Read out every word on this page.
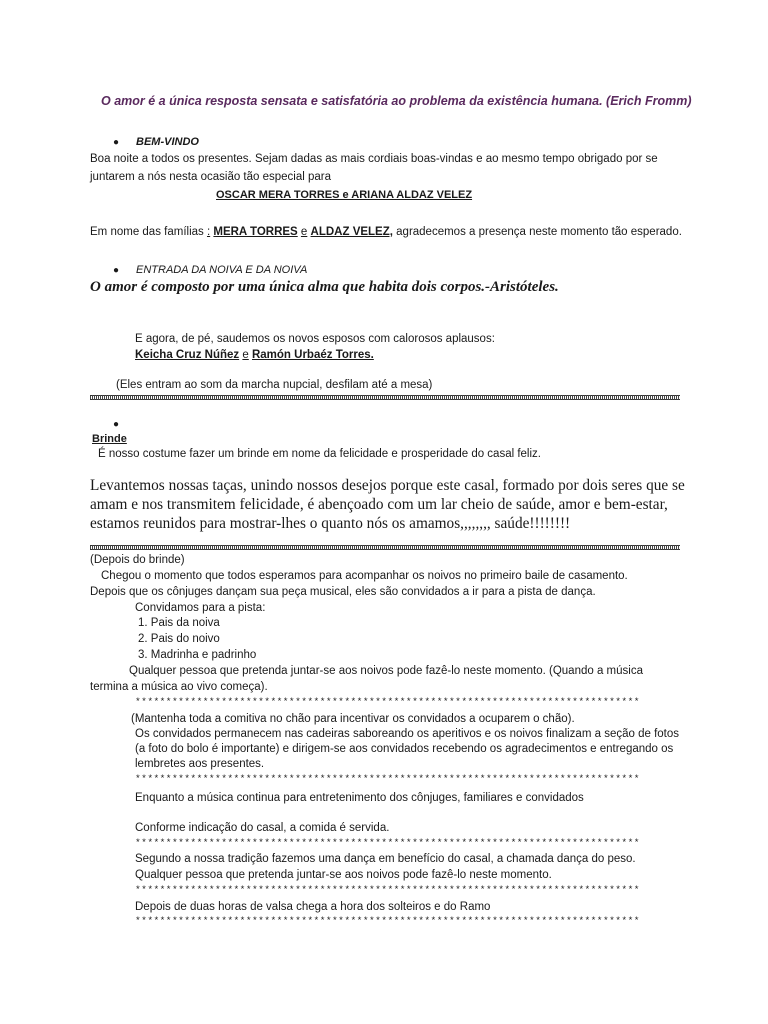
O amor é a única resposta sensata e satisfatória ao problema da existência humana. (Erich Fromm)
● BEM-VINDO
Boa noite a todos os presentes. Sejam dadas as mais cordiais boas-vindas e ao mesmo tempo obrigado por se
juntarem a nós nesta ocasião tão especial para
OSCAR MERA TORRES e ARIANA ALDAZ VELEZ
Em nome das famílias : MERA TORRES e ALDAZ VELEZ, agradecemos a presença neste momento tão esperado.
● ENTRADA DA NOIVA E DA NOIVA
O amor é composto por uma única alma que habita dois corpos.-Aristóteles.
E agora, de pé, saudemos os novos esposos com calorosos aplausos:
Keicha Cruz Núñez e Ramón Urbaéz Torres.
(Eles entram ao som da marcha nupcial, desfilam até a mesa)
●
Brinde
É nosso costume fazer um brinde em nome da felicidade e prosperidade do casal feliz.
Levantemos nossas taças, unindo nossos desejos porque este casal, formado por dois seres que se
amam e nos transmitem felicidade, é abençoado com um lar cheio de saúde, amor e bem-estar,
estamos reunidos para mostrar-lhes o quanto nós os amamos,,,,,,,, saúde!!!!!!!!
(Depois do brinde)
Chegou o momento que todos esperamos para acompanhar os noivos no primeiro baile de casamento.
Depois que os cônjuges dançam sua peça musical, eles são convidados a ir para a pista de dança.
Convidamos para a pista:
1. Pais da noiva
2. Pais do noivo
3. Madrinha e padrinho
Qualquer pessoa que pretenda juntar-se aos noivos pode fazê-lo neste momento. (Quando a música
termina a música ao vivo começa).
**********************************************************************************
(Mantenha toda a comitiva no chão para incentivar os convidados a ocuparem o chão).
Os convidados permanecem nas cadeiras saboreando os aperitivos e os noivos finalizam a seção de fotos
(a foto do bolo é importante) e dirigem-se aos convidados recebendo os agradecimentos e entregando os
lembretes aos presentes.
**********************************************************************************
Enquanto a música continua para entretenimento dos cônjuges, familiares e convidados
Conforme indicação do casal, a comida é servida.
**********************************************************************************
Segundo a nossa tradição fazemos uma dança em benefício do casal, a chamada dança do peso.
Qualquer pessoa que pretenda juntar-se aos noivos pode fazê-lo neste momento.
**********************************************************************************
Depois de duas horas de valsa chega a hora dos solteiros e do Ramo
**********************************************************************************
